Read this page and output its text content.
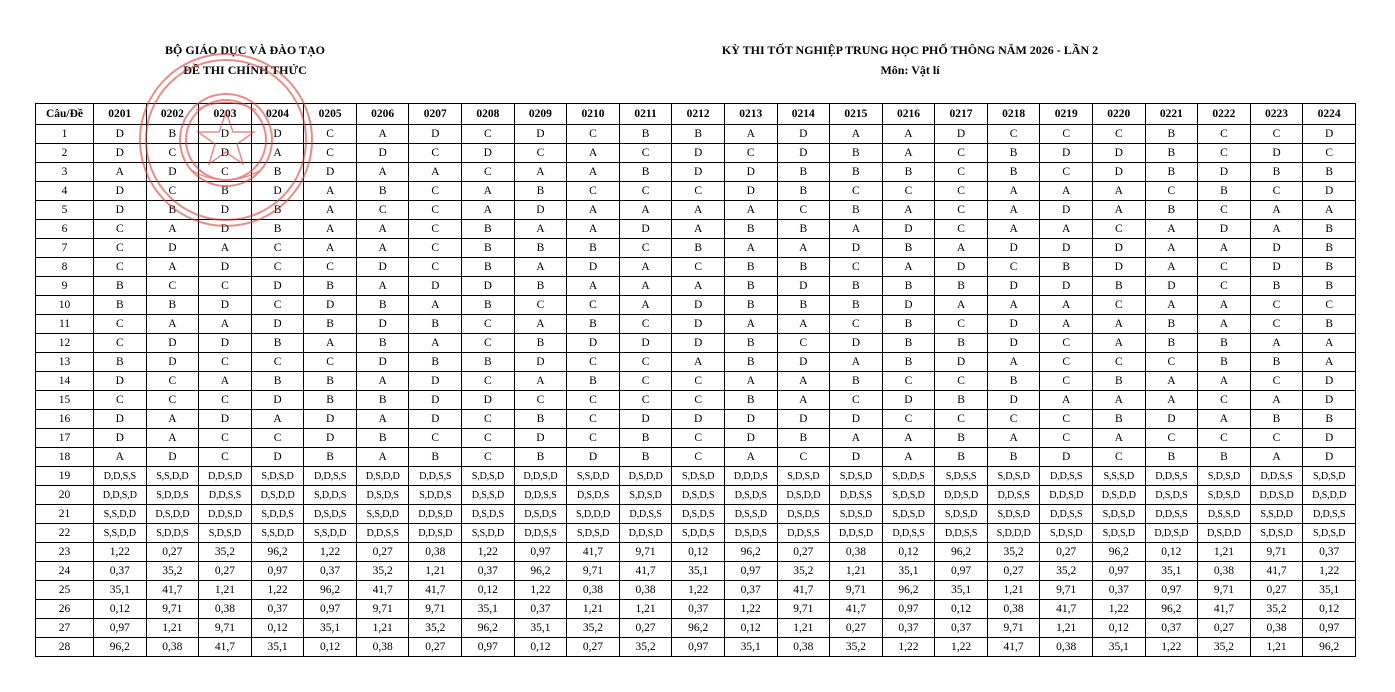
BỘ GIÁO DỤC VÀ ĐÀO TẠO
ĐỀ THI CHÍNH THỨC
KỲ THI TỐT NGHIỆP TRUNG HỌC PHỔ THÔNG NĂM 2026 - LẦN 2
Môn: Vật lí
Câu/Đề	0201	0202	0203	0204	0205	0206	0207	0208	0209	0210	0211	0212	0213	0214	0215	0216	0217	0218	0219	0220	0221	0222	0223	0224
1	D	B	D	D	C	A	D	C	D	C	B	B	A	D	A	A	D	C	C	C	B	C	C	D
2	D	C	D	A	C	D	C	D	C	A	C	D	C	D	B	A	C	B	D	D	B	C	D	C
3	A	D	C	B	D	A	A	C	A	A	B	D	D	B	B	B	C	B	C	D	B	D	B	B
4	D	C	B	D	A	B	C	A	B	C	C	C	D	B	C	C	C	A	A	A	C	B	C	D
5	D	B	D	B	A	C	C	A	D	A	A	A	A	C	B	A	C	A	D	A	B	C	A	A
6	C	A	D	B	A	A	C	B	A	A	D	A	B	B	A	D	C	A	A	C	A	D	A	B
7	C	D	A	C	A	A	C	B	B	B	C	B	A	A	D	B	A	D	D	D	A	A	D	B
8	C	A	D	C	C	D	C	B	A	D	A	C	B	B	C	A	D	C	B	D	A	C	D	B
9	B	C	C	D	B	A	D	D	B	A	A	A	B	D	B	B	B	D	D	B	D	C	B	B
10	B	B	D	C	D	B	A	B	C	C	A	D	B	B	B	D	A	A	A	C	A	A	C	C
11	C	A	A	D	B	D	B	C	A	B	C	D	A	A	C	B	C	D	A	A	B	A	C	B
12	C	D	D	B	A	B	A	C	B	D	D	D	B	C	D	B	B	D	C	A	B	B	A	A
13	B	D	C	C	C	D	B	B	D	C	C	A	B	D	A	B	D	A	C	C	C	B	B	A
14	D	C	A	B	B	A	D	C	A	B	C	C	A	A	B	C	C	B	C	B	A	A	C	D
15	C	C	C	D	B	B	D	D	C	C	C	C	B	A	C	D	B	D	A	A	A	C	A	D
16	D	A	D	A	D	A	D	C	B	C	D	D	D	D	D	C	C	C	C	B	D	A	B	B
17	D	A	C	C	D	B	C	C	D	C	B	C	D	B	A	A	B	A	C	A	C	C	C	D
18	A	D	C	D	B	A	B	C	B	D	B	C	A	C	D	A	B	B	D	C	B	B	A	D
19	D,D,S,S	S,S,D,D	D,D,S,D	S,D,S,D	D,D,S,S	D,S,D,D	D,D,S,S	S,D,S,D	D,D,S,D	S,S,D,D	D,S,D,D	S,D,S,D	D,D,D,S	S,D,S,D	S,D,S,D	S,D,D,S	S,D,S,S	S,D,S,D	D,D,S,S	S,S,S,D	D,D,S,S	S,D,S,D	D,D,S,S	S,D,S,D
20	D,D,S,D	S,D,D,S	D,D,S,S	D,S,D,D	S,D,D,S	D,S,D,S	S,D,D,S	D,S,S,D	D,D,S,S	D,S,D,S	S,D,S,D	D,S,D,S	D,S,D,S	D,S,D,D	D,D,S,S	S,D,S,D	D,D,S,D	D,D,S,S	D,D,S,D	D,S,D,D	D,S,D,S	S,D,S,D	D,D,S,D	D,S,D,D
21	S,S,D,D	D,S,D,D	D,D,S,D	S,D,D,S	D,S,D,S	S,S,D,D	D,D,S,D	D,S,D,S	D,S,D,S	S,D,D,D	D,D,S,S	D,S,D,S	D,S,S,D	D,S,D,S	S,D,S,D	S,D,S,D	S,D,S,D	S,D,S,D	D,D,S,S	S,D,S,D	D,D,S,S	D,S,S,D	S,S,D,D	D,D,S,S
22	S,S,D,D	S,D,D,S	S,D,S,D	S,S,D,D	S,S,D,D	D,D,S,S	D,D,S,D	S,S,D,D	D,D,S,S	S,D,S,D	D,D,S,D	S,D,D,S	D,S,D,S	D,D,S,S	D,D,S,D	D,D,S,S	D,D,S,S	S,D,D,D	S,D,S,D	S,D,S,D	D,D,S,D	D,S,D,D	S,D,S,D	S,D,S,D
23	1,22	0,27	35,2	96,2	1,22	0,27	0,38	1,22	0,97	41,7	9,71	0,12	96,2	0,27	0,38	0,12	96,2	35,2	0,27	96,2	0,12	1,21	9,71	0,37
24	0,37	35,2	0,27	0,97	0,37	35,2	1,21	0,37	96,2	9,71	41,7	35,1	0,97	35,2	1,21	35,1	0,97	0,27	35,2	0,97	35,1	0,38	41,7	1,22
25	35,1	41,7	1,21	1,22	96,2	41,7	41,7	0,12	1,22	0,38	0,38	1,22	0,37	41,7	9,71	96,2	35,1	1,21	9,71	0,37	0,97	9,71	0,27	35,1
26	0,12	9,71	0,38	0,37	0,97	9,71	9,71	35,1	0,37	1,21	1,21	0,37	1,22	9,71	41,7	0,97	0,12	0,38	41,7	1,22	96,2	41,7	35,2	0,12
27	0,97	1,21	9,71	0,12	35,1	1,21	35,2	96,2	35,1	35,2	0,27	96,2	0,12	1,21	0,27	0,37	0,37	9,71	1,21	0,12	0,37	0,27	0,38	0,97
28	96,2	0,38	41,7	35,1	0,12	0,38	0,27	0,97	0,12	0,27	35,2	0,97	35,1	0,38	35,2	1,22	1,22	41,7	0,38	35,1	1,22	35,2	1,21	96,2
